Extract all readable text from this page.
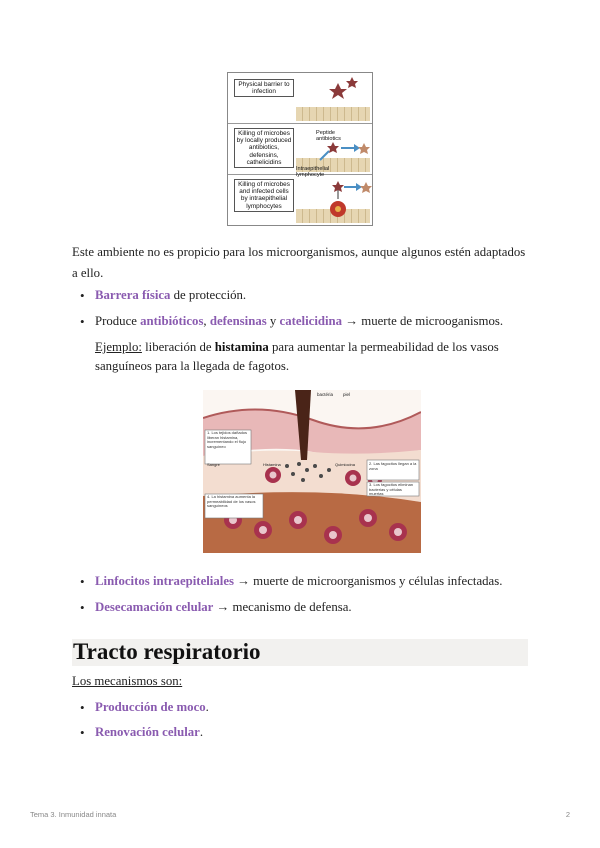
Physical barrier to infection
Killing of microbes by locally produced antibiotics, defensins, cathelicidins
Peptide antibiotics
Killing of microbes and infected cells by intraepithelial lymphocytes
Intraepithelial lymphocyte
Este ambiente no es propicio para los microorganismos, aunque algunos estén adaptados a ello.
• Barrera física de protección.
• Produce antibióticos, defensinas y catelicidina → muerte de microoganismos.
Ejemplo: liberación de histamina para aumentar la permeabilidad de los vasos sanguíneos para la llegada de fagotos.
bactéria piel
1. Los tejidos dañados liberan histamina, incrementando el flujo sanguíneo
Histamina	Quimiocina	2. Las fagocitos llegan a la zona
Sangre
3. Los fagocitos eliminan bacterias y células muertas
4. La histamina aumenta la permeabilidad de los vasos sanguíneos
• Linfocitos intraepiteliales → muerte de microorganismos y células infectadas.
• Desecamación celular → mecanismo de defensa.
Tracto respiratorio
Los mecanismos son:
• Producción de moco.
• Renovación celular.
Tema 3. Inmunidad innata	2
